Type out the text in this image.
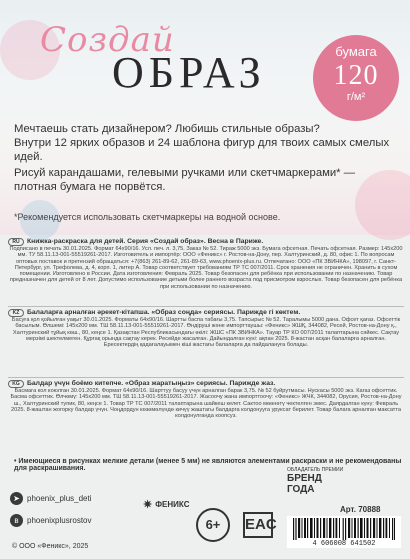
Создай
ОБРАЗ	бумага
120
г/м²
Мечтаешь стать дизайнером? Любишь стильные образы?
Внутри 12 ярких образов и 24 шаблона фигур для твоих самых смелых идей.
Рисуй карандашами, гелевыми ручками или скетчмаркерами* —
плотная бумага не порвётся.
*Рекомендуется использовать скетчмаркеры на водной основе.
RU	Книжка-раскраска для детей. Серия «Создай образ». Весна в Париже.

Подписано в печать 30.01.2025. Формат 64х90/16. Усл. печ. л. 3,75. Заказ № 52. Тираж 5000 экз. Бумага офсетная. Печать офсетная. Размер: 145х200 мм. ТУ 58.11.13-001-55519261-2017. Изготовитель и импортёр: ООО «Феникс» г. Ростов-на-Дону, пер. Халтуринский, д. 80, офис 1. По вопросам оптовых поставок и претензий обращаться: +7(863) 261-89-62, 261-89-63, www.phoenix-plus.ru. Отпечатано: ООО «ПК ЗВИНКА», 198097, г. Санкт-Петербург, ул. Трефолева, д. 4, корп. 1, литер А. Товар соответствует требованиям ТР ТС 007/2011. Срок хранения не ограничен. Хранить в сухом помещении. Изготовлено в России. Дата изготовления: Февраль 2025. Товар безопасен для ребёнка при использовании по назначению. Товар предназначен для детей от 8 лет. Допустимо использование детьми более раннего возраста под присмотром взрослых. Товар безопасен для ребёнка при использовании по назначению.

KZ	Балаларға арналған әрекет-кітапша. «Образ соңда» сериясы. Парижде гі көктем.

Басуға қол қойылған уақыт 30.01.2025. Форматы 64х90/16. Шартты баспа табағы 3,75. Тапсырыс № 52. Таралымы 5000 дана. Офсет қағаз. Офсеттік басылым. Өлшемі: 145х200 мм. ТШ 58.11.13-001-55519261-2017. Өндіруші және импорттаушы: «Феникс» ЖШҚ, 344082, Ресей, Ростов-на-Дону қ., Халтуринский тұйық көш., 80, кеңсе 1. Қазақстан Республикасындағы өкілі: ЖШС «ПК ЗВИНКА». Тауар ТР КО 007/2011 талаптарына сәйкес. Сақтау мерзімі шектелмеген. Құрғақ орында сақтау керек. Ресейде жасалған. Дайындалған күні: ақпан 2025. 8-жастан асқан балаларға арналған. Ересектердің қадағалауымен кіші жастағы балаларға да пайдалануға болады.

KG	Балдар үчүн боёмо китепче. «Образ жаратыңыз» сериясы. Парижде жаз.

Басмага кол коюлган 30.01.2025. Формат 64х90/16. Шарттуу басуу үчүн арналган барак 3,75. № 52 буйрутмасы. Нускасы 5000 экз. Кагаз офсеттик. Басма офсеттик. Өлчөмү: 145х200 мм. ТШ 58.11.13-001-55519261-2017. Жасоочу жана импорттоочу: «Феникс» ЖЧК, 344082, Орусия, Ростов-на-Дону ш., Халтуринский тупик, 80, кеңсе 1. Товар ТР ТС 007/2011 талаптарына шайкеш келет. Сактоо мөөнөтү чектелген эмес. Даярдалган күнү: Февраль 2025. 8-жаштан жогорку балдар үчүн. Чоңдордун көзөмөлүндө кичүү жаштагы балдарга колдонууга уруксат берилет. Товар балага арналган максатта колдонулганда коопсуз.

• Имеющиеся в рисунках мелкие детали (менее 5 мм) не являются элементами раскраски и не рекомендованы для раскрашивания.
➤ phoenix_plus_deti
в	phoenixplusrostov
© ООО «Феникс», 2025
✷ ФЕНИКС
6+	EAC
ОБЛАДАТЕЛЬ ПРЕМИИ
БРЕНД
ГОДА
Арт. 70888
4 606008 641502
